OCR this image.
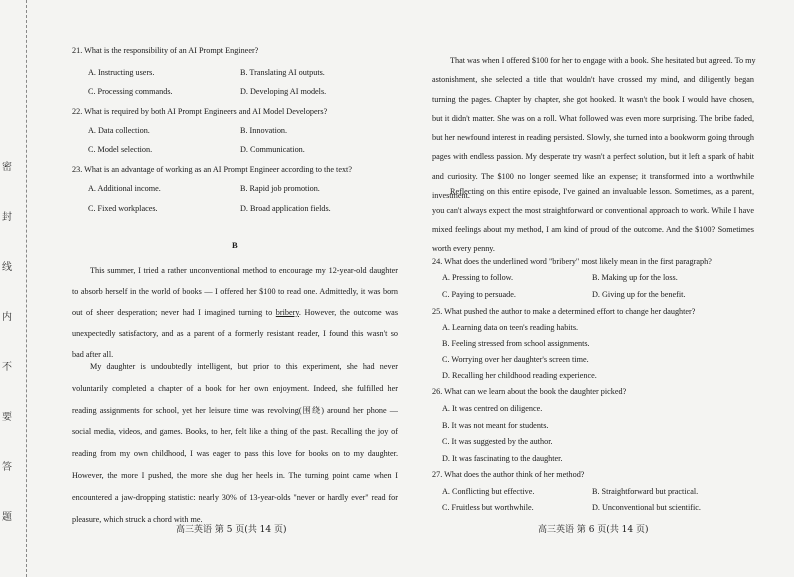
密
封
线
内
不
要
答
题
21. What is the responsibility of an AI Prompt Engineer?
A. Instructing users.	B. Translating AI outputs.
C. Processing commands.	D. Developing AI models.
22. What is required by both AI Prompt Engineers and AI Model Developers?
A. Data collection.	B. Innovation.
C. Model selection.	D. Communication.
23. What is an advantage of working as an AI Prompt Engineer according to the text?
A. Additional income.	B. Rapid job promotion.
C. Fixed workplaces.	D. Broad application fields.
B
This summer, I tried a rather unconventional method to encourage my 12-year-old daughter
to absorb herself in the world of books — I offered her $100 to read one. Admittedly, it was born
out of sheer desperation; never had I imagined turning to bribery. However, the outcome was
unexpectedly satisfactory, and as a parent of a formerly resistant reader, I found this wasn't so
bad after all.
My daughter is undoubtedly intelligent, but prior to this experiment, she had never
voluntarily completed a chapter of a book for her own enjoyment. Indeed, she fulfilled her
reading assignments for school, yet her leisure time was revolving(围绕) around her phone —
social media, videos, and games. Books, to her, felt like a thing of the past. Recalling the joy of
reading from my own childhood, I was eager to pass this love for books on to my daughter.
However, the more I pushed, the more she dug her heels in. The turning point came when I
encountered a jaw-dropping statistic: nearly 30% of 13-year-olds "never or hardly ever" read for
pleasure, which struck a chord with me.
高三英语 第 5 页(共 14 页)
That was when I offered $100 for her to engage with a book. She hesitated but agreed. To my
astonishment, she selected a title that wouldn't have crossed my mind, and diligently began
turning the pages. Chapter by chapter, she got hooked. It wasn't the book I would have chosen,
but it didn't matter. She was on a roll. What followed was even more surprising. The bribe faded,
but her newfound interest in reading persisted. Slowly, she turned into a bookworm going through
pages with endless passion. My desperate try wasn't a perfect solution, but it left a spark of habit
and curiosity. The $100 no longer seemed like an expense; it transformed into a worthwhile
investment.
Reflecting on this entire episode, I've gained an invaluable lesson. Sometimes, as a parent,
you can't always expect the most straightforward or conventional approach to work. While I have
mixed feelings about my method, I am kind of proud of the outcome. And the $100? Sometimes
worth every penny.
24. What does the underlined word "bribery" most likely mean in the first paragraph?
A. Pressing to follow.	B. Making up for the loss.
C. Paying to persuade.	D. Giving up for the benefit.
25. What pushed the author to make a determined effort to change her daughter?
A. Learning data on teen's reading habits.
B. Feeling stressed from school assignments.
C. Worrying over her daughter's screen time.
D. Recalling her childhood reading experience.
26. What can we learn about the book the daughter picked?
A. It was centred on diligence.
B. It was not meant for students.
C. It was suggested by the author.
D. It was fascinating to the daughter.
27. What does the author think of her method?
A. Conflicting but effective.	B. Straightforward but practical.
C. Fruitless but worthwhile.	D. Unconventional but scientific.
高三英语 第 6 页(共 14 页)
